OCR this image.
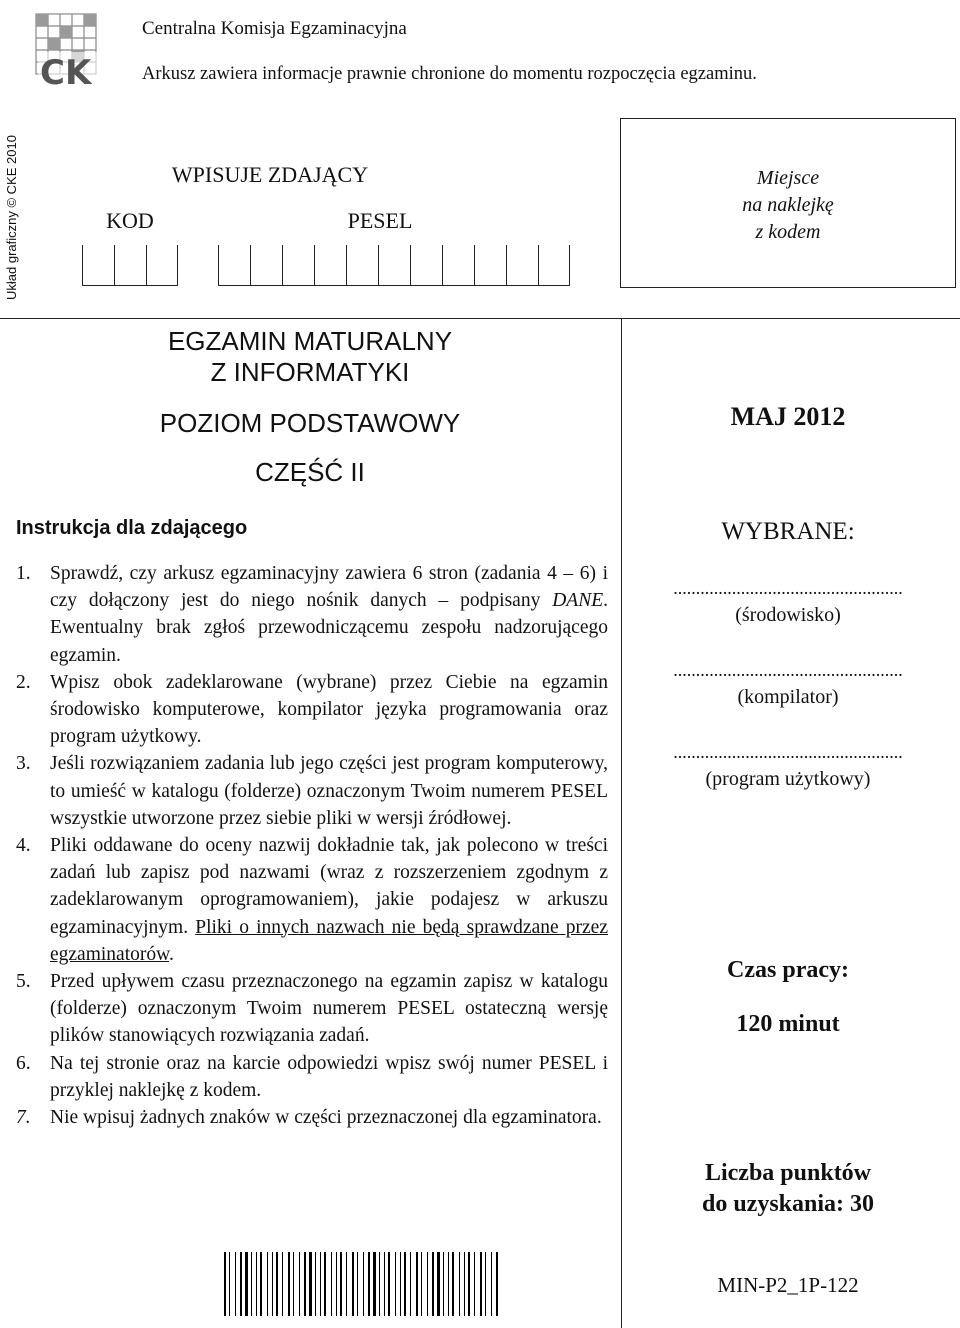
CK
Centralna Komisja Egzaminacyjna
Arkusz zawiera informacje prawnie chronione do momentu rozpoczęcia egzaminu.
Układ graficzny © CKE 2010	WPISUJE ZDAJĄCY
KOD	PESEL
Miejsce
na naklejkę
z kodem
EGZAMIN MATURALNY
Z INFORMATYKI
POZIOM PODSTAWOWY
CZĘŚĆ II
MAJ 2012
Instrukcja dla zdającego
1. Sprawdź, czy arkusz egzaminacyjny zawiera 6 stron (zadania 4 – 6) i czy dołączony jest do niego nośnik danych – podpisany DANE. Ewentualny brak zgłoś przewodniczącemu zespołu nadzorującego egzamin.
2. Wpisz obok zadeklarowane (wybrane) przez Ciebie na egzamin środowisko komputerowe, kompilator języka programowania oraz program użytkowy.
3. Jeśli rozwiązaniem zadania lub jego części jest program komputerowy, to umieść w katalogu (folderze) oznaczonym Twoim numerem PESEL wszystkie utworzone przez siebie pliki w wersji źródłowej.
4. Pliki oddawane do oceny nazwij dokładnie tak, jak polecono w treści zadań lub zapisz pod nazwami (wraz z rozszerzeniem zgodnym z zadeklarowanym oprogramowaniem), jakie podajesz w arkuszu egzaminacyjnym. Pliki o innych nazwach nie będą sprawdzane przez egzaminatorów.
5. Przed upływem czasu przeznaczonego na egzamin zapisz w katalogu (folderze) oznaczonym Twoim numerem PESEL ostateczną wersję plików stanowiących rozwiązania zadań.
6. Na tej stronie oraz na karcie odpowiedzi wpisz swój numer PESEL i przyklej naklejkę z kodem.
7. Nie wpisuj żadnych znaków w części przeznaczonej dla egzaminatora.
WYBRANE:
...................................................
(środowisko)
...................................................
(kompilator)
...................................................
(program użytkowy)
Czas pracy:
120 minut
Liczba punktów
do uzyskania: 30
MIN-P2_1P-122
